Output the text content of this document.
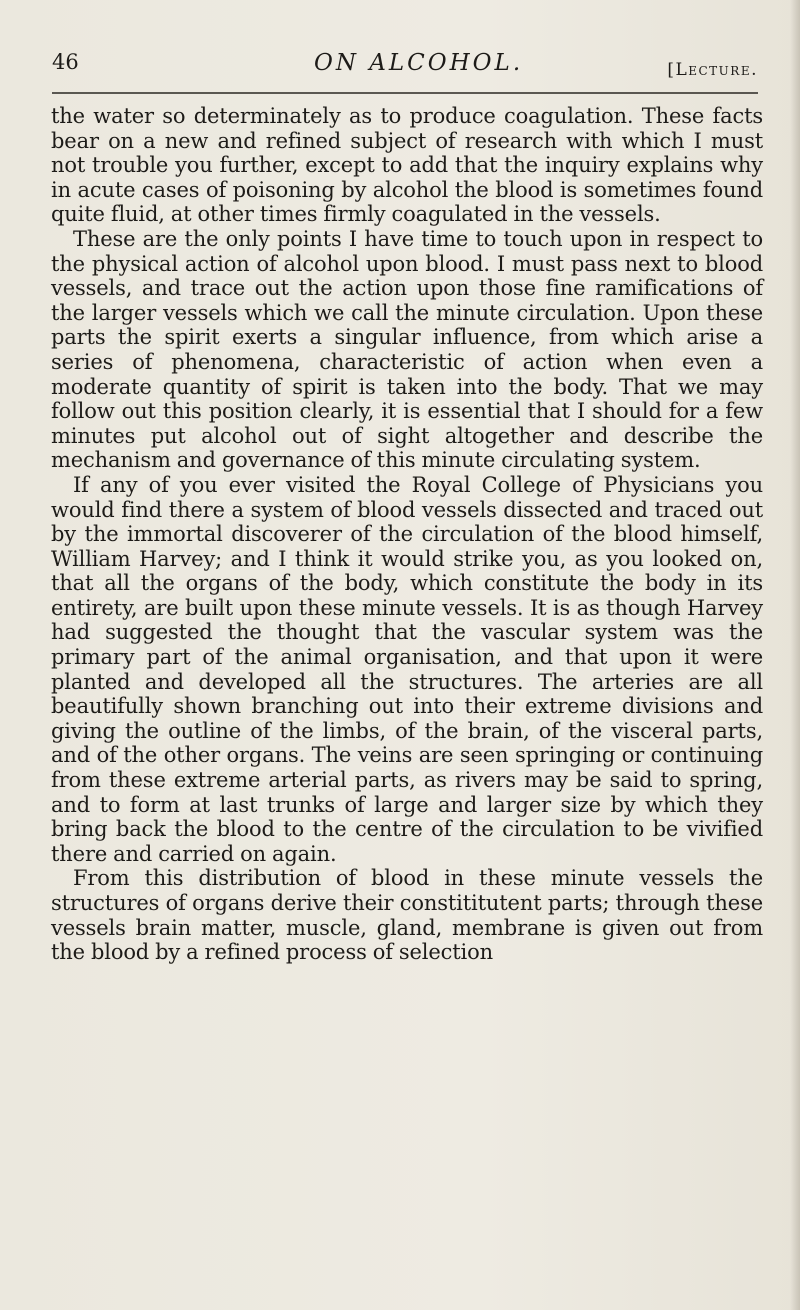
46	ON ALCOHOL.	[Lecture.

the water so determinately as to produce coagulation. These facts bear on a new and refined subject of research with which I must not trouble you further, except to add that the inquiry explains why in acute cases of poisoning by alcohol the blood is sometimes found quite fluid, at other times firmly coagulated in the vessels.

These are the only points I have time to touch upon in respect to the physical action of alcohol upon blood. I must pass next to blood vessels, and trace out the action upon those fine ramifications of the larger vessels which we call the minute circulation. Upon these parts the spirit exerts a singular influence, from which arise a series of phenomena, characteristic of action when even a moderate quantity of spirit is taken into the body. That we may follow out this position clearly, it is essential that I should for a few minutes put alcohol out of sight altogether and describe the mechanism and governance of this minute circulating system.

If any of you ever visited the Royal College of Physicians you would find there a system of blood vessels dissected and traced out by the immortal discoverer of the circulation of the blood himself, William Harvey; and I think it would strike you, as you looked on, that all the organs of the body, which constitute the body in its entirety, are built upon these minute vessels. It is as though Harvey had suggested the thought that the vascular system was the primary part of the animal organisation, and that upon it were planted and developed all the structures. The arteries are all beautifully shown branching out into their extreme divisions and giving the outline of the limbs, of the brain, of the visceral parts, and of the other organs. The veins are seen springing or continuing from these extreme arterial parts, as rivers may be said to spring, and to form at last trunks of large and larger size by which they bring back the blood to the centre of the circulation to be vivified there and carried on again.

From this distribution of blood in these minute vessels the structures of organs derive their constititutent parts; through these vessels brain matter, muscle, gland, membrane is given out from the blood by a refined process of selection
